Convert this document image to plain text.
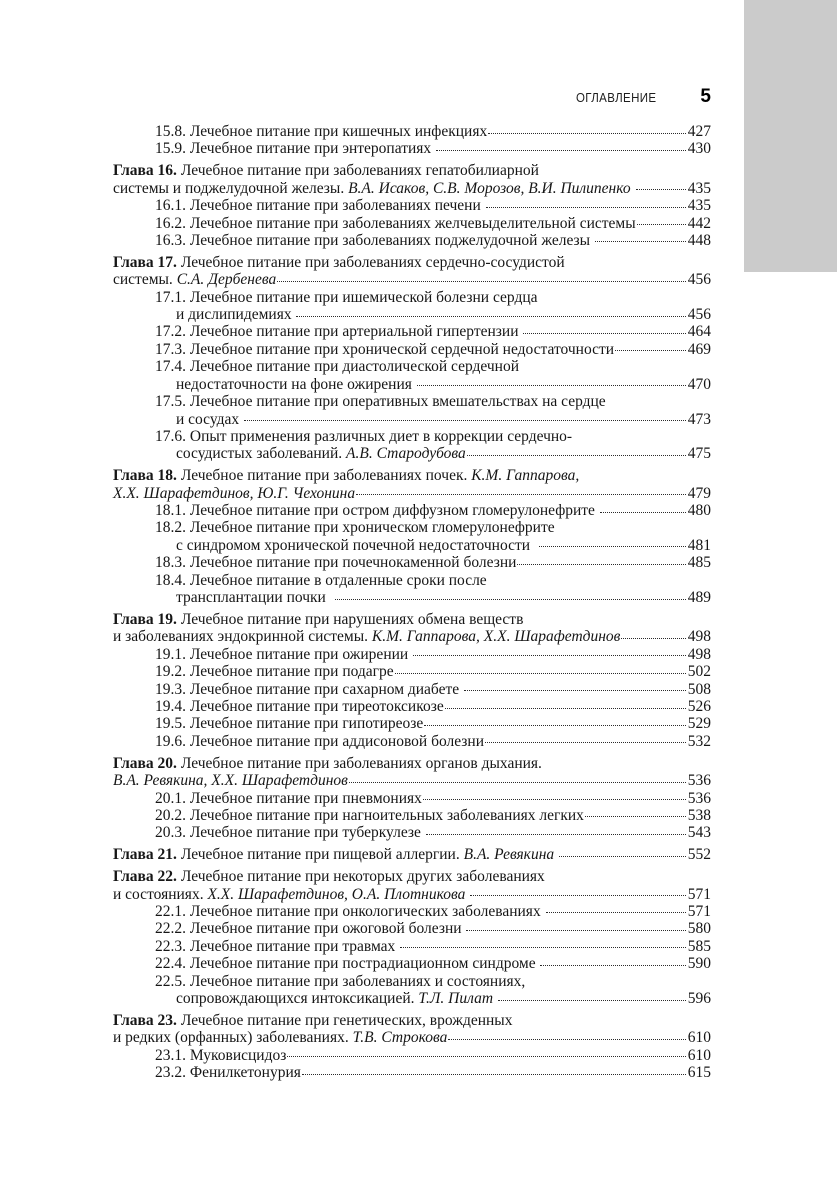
ОГЛАВЛЕНИЕ 5
15.8. Лечебное питание при кишечных инфекциях	427
15.9. Лечебное питание при энтеропатиях	430
Глава 16. Лечебное питание при заболеваниях гепатобилиарной
системы и поджелудочной железы. В.А. Исаков, С.В. Морозов, В.И. Пилипенко	435
16.1. Лечебное питание при заболеваниях печени	435
16.2. Лечебное питание при заболеваниях желчевыделительной системы	442
16.3. Лечебное питание при заболеваниях поджелудочной железы	448
Глава 17. Лечебное питание при заболеваниях сердечно-сосудистой
системы. С.А. Дербенева	456
17.1. Лечебное питание при ишемической болезни сердца
и дислипидемиях	456
17.2. Лечебное питание при артериальной гипертензии	464
17.3. Лечебное питание при хронической сердечной недостаточности	469
17.4. Лечебное питание при диастолической сердечной
недостаточности на фоне ожирения	470
17.5. Лечебное питание при оперативных вмешательствах на сердце
и сосудах	473
17.6. Опыт применения различных диет в коррекции сердечно-
сосудистых заболеваний. А.В. Стародубова	475
Глава 18. Лечебное питание при заболеваниях почек. К.М. Гаппарова,
Х.Х. Шарафетдинов, Ю.Г. Чехонина	479
18.1. Лечебное питание при остром диффузном гломерулонефрите	480
18.2. Лечебное питание при хроническом гломерулонефрите
с синдромом хронической почечной недостаточности	481
18.3. Лечебное питание при почечнокаменной болезни	485
18.4. Лечебное питание в отдаленные сроки после
трансплантации почки	489
Глава 19. Лечебное питание при нарушениях обмена веществ
и заболеваниях эндокринной системы. К.М. Гаппарова, Х.Х. Шарафетдинов	498
19.1. Лечебное питание при ожирении	498
19.2. Лечебное питание при подагре	502
19.3. Лечебное питание при сахарном диабете	508
19.4. Лечебное питание при тиреотоксикозе	526
19.5. Лечебное питание при гипотиреозе	529
19.6. Лечебное питание при аддисоновой болезни	532
Глава 20. Лечебное питание при заболеваниях органов дыхания.
В.А. Ревякина, Х.Х. Шарафетдинов	536
20.1. Лечебное питание при пневмониях	536
20.2. Лечебное питание при нагноительных заболеваниях легких	538
20.3. Лечебное питание при туберкулезе	543
Глава 21. Лечебное питание при пищевой аллергии. В.А. Ревякина	552
Глава 22. Лечебное питание при некоторых других заболеваниях
и состояниях. Х.Х. Шарафетдинов, О.А. Плотникова	571
22.1. Лечебное питание при онкологических заболеваниях	571
22.2. Лечебное питание при ожоговой болезни	580
22.3. Лечебное питание при травмах	585
22.4. Лечебное питание при пострадиационном синдроме	590
22.5. Лечебное питание при заболеваниях и состояниях,
сопровождающихся интоксикацией. Т.Л. Пилат	596
Глава 23. Лечебное питание при генетических, врожденных
и редких (орфанных) заболеваниях. Т.В. Строкова	610
23.1. Муковисцидоз	610
23.2. Фенилкетонурия	615
